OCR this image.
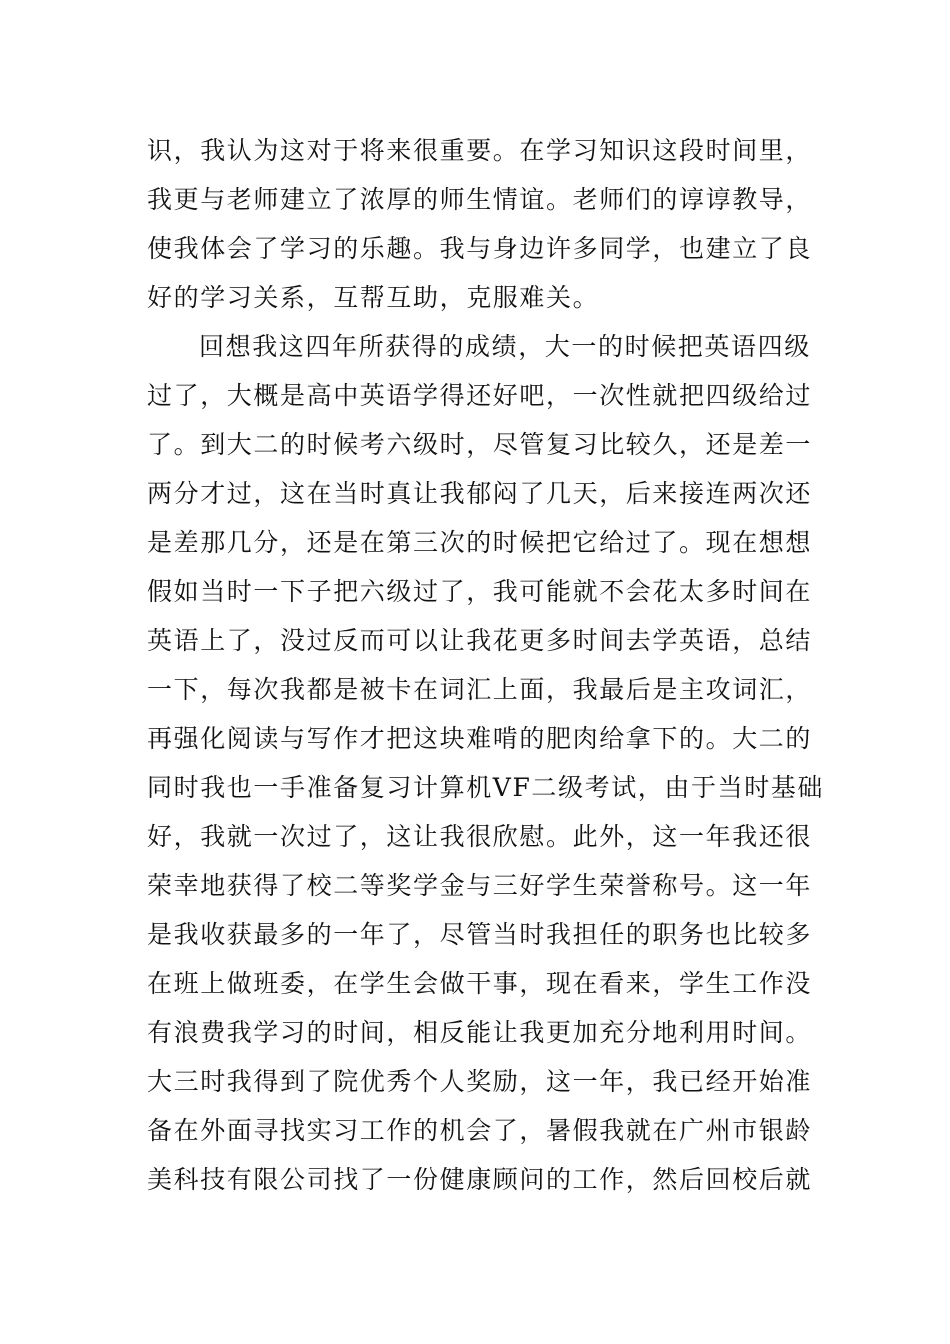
识，我认为这对于将来很重要。在学习知识这段时间里，
我更与老师建立了浓厚的师生情谊。老师们的谆谆教导，
使我体会了学习的乐趣。我与身边许多同学，也建立了良
好的学习关系，互帮互助，克服难关。
回想我这四年所获得的成绩，大一的时候把英语四级
过了，大概是高中英语学得还好吧，一次性就把四级给过
了。到大二的时候考六级时，尽管复习比较久，还是差一
两分才过，这在当时真让我郁闷了几天，后来接连两次还
是差那几分，还是在第三次的时候把它给过了。现在想想
假如当时一下子把六级过了，我可能就不会花太多时间在
英语上了，没过反而可以让我花更多时间去学英语，总结
一下，每次我都是被卡在词汇上面，我最后是主攻词汇，
再强化阅读与写作才把这块难啃的肥肉给拿下的。大二的
同时我也一手准备复习计算机VF二级考试，由于当时基础
好，我就一次过了，这让我很欣慰。此外，这一年我还很
荣幸地获得了校二等奖学金与三好学生荣誉称号。这一年
是我收获最多的一年了，尽管当时我担任的职务也比较多
在班上做班委，在学生会做干事，现在看来，学生工作没
有浪费我学习的时间，相反能让我更加充分地利用时间。
大三时我得到了院优秀个人奖励，这一年，我已经开始准
备在外面寻找实习工作的机会了，暑假我就在广州市银龄
美科技有限公司找了一份健康顾问的工作，然后回校后就
